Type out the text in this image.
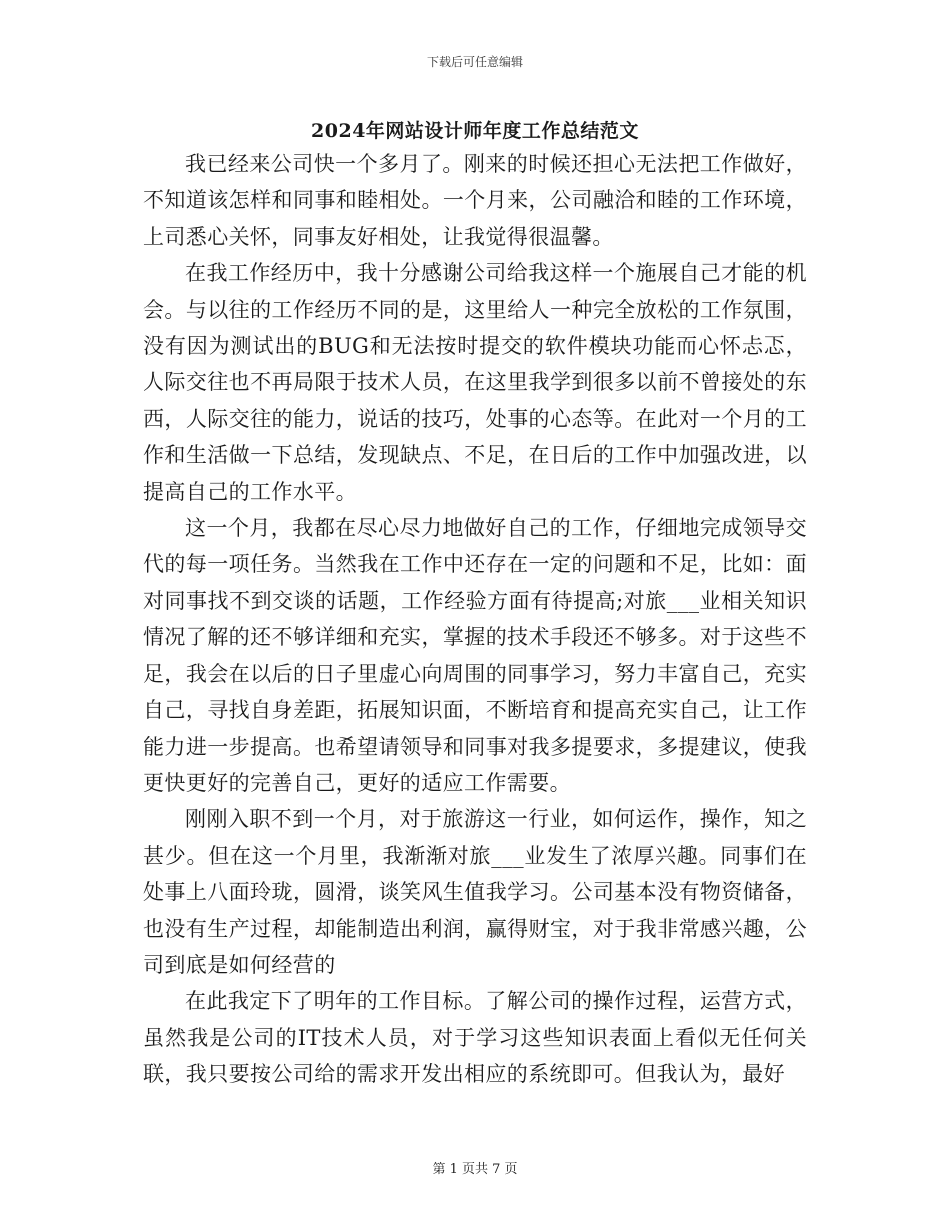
下载后可任意编辑
2024年网站设计师年度工作总结范文

我已经来公司快一个多月了。刚来的时候还担心无法把工作做好，不知道该怎样和同事和睦相处。一个月来，公司融洽和睦的工作环境，上司悉心关怀，同事友好相处，让我觉得很温馨。

在我工作经历中，我十分感谢公司给我这样一个施展自己才能的机会。与以往的工作经历不同的是，这里给人一种完全放松的工作氛围，没有因为测试出的BUG和无法按时提交的软件模块功能而心怀忐忑，人际交往也不再局限于技术人员，在这里我学到很多以前不曾接处的东西，人际交往的能力，说话的技巧，处事的心态等。在此对一个月的工作和生活做一下总结，发现缺点、不足，在日后的工作中加强改进，以提高自己的工作水平。

这一个月，我都在尽心尽力地做好自己的工作，仔细地完成领导交代的每一项任务。当然我在工作中还存在一定的问题和不足，比如：面对同事找不到交谈的话题，工作经验方面有待提高;对旅___业相关知识情况了解的还不够详细和充实，掌握的技术手段还不够多。对于这些不足，我会在以后的日子里虚心向周围的同事学习，努力丰富自己，充实自己，寻找自身差距，拓展知识面，不断培育和提高充实自己，让工作能力进一步提高。也希望请领导和同事对我多提要求，多提建议，使我更快更好的完善自己，更好的适应工作需要。

刚刚入职不到一个月，对于旅游这一行业，如何运作，操作，知之甚少。但在这一个月里，我渐渐对旅___业发生了浓厚兴趣。同事们在处事上八面玲珑，圆滑，谈笑风生值我学习。公司基本没有物资储备，也没有生产过程，却能制造出利润，赢得财宝，对于我非常感兴趣，公司到底是如何经营的

在此我定下了明年的工作目标。了解公司的操作过程，运营方式，虽然我是公司的IT技术人员，对于学习这些知识表面上看似无任何关联，我只要按公司给的需求开发出相应的系统即可。但我认为，最好

第 1 页共 7 页
